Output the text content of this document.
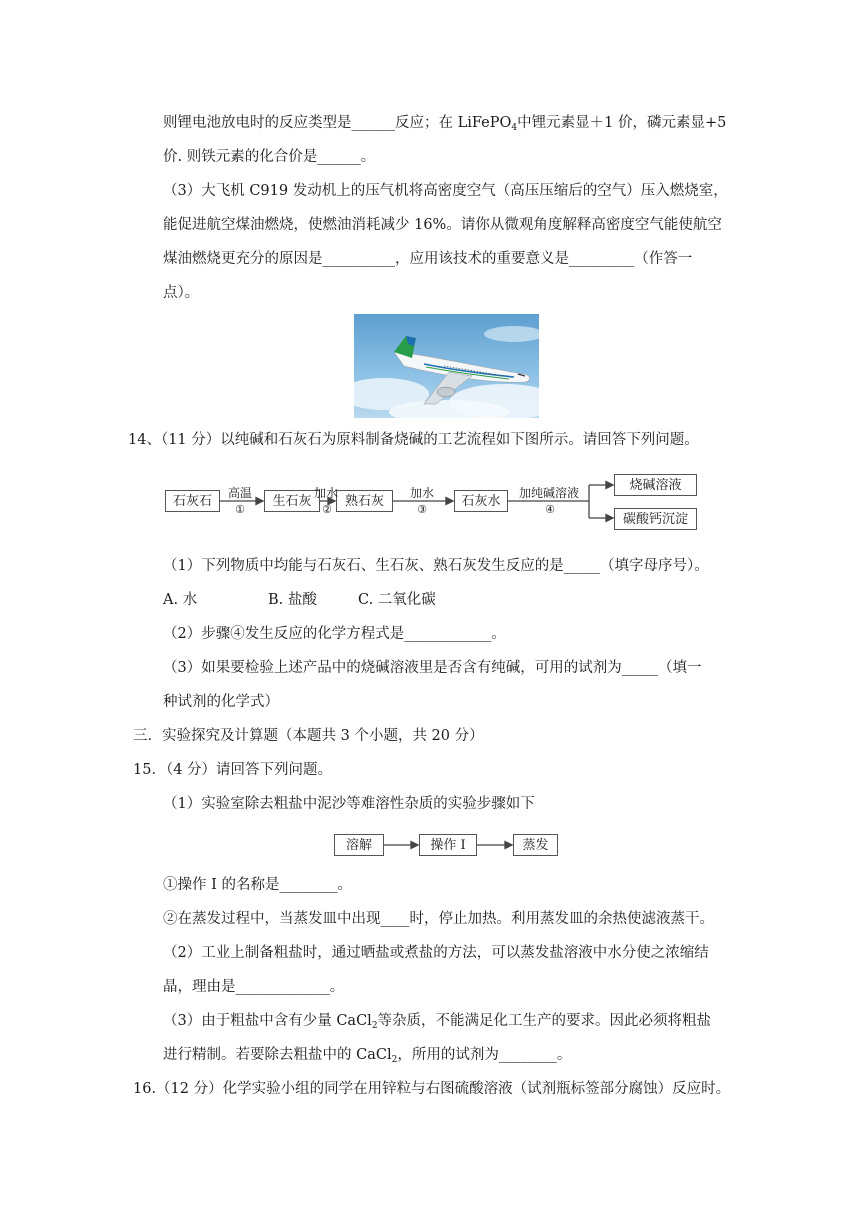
则锂电池放电时的反应类型是______反应；在 LiFePO$_4$中锂元素显＋1 价，磷元素显+5
价. 则铁元素的化合价是______。
（3）大飞机 C919 发动机上的压气机将高密度空气（高压压缩后的空气）压入燃烧室，
能促进航空煤油燃烧，使燃油消耗减少 16%。请你从微观角度解释高密度空气能使航空
煤油燃烧更充分的原因是__________，应用该技术的重要意义是_________（作答一
点）。
14、（11 分）以纯碱和石灰石为原料制备烧碱的工艺流程如下图所示。请回答下列问题。
石灰石	生石灰	熟石灰	石灰水
烧碱溶液
碳酸钙沉淀
高温
①
加水
②
加水
③
加纯碱溶液
④
（1）下列物质中均能与石灰石、生石灰、熟石灰发生反应的是_____（填字母序号）。
A. 水	B. 盐酸	C. 二氧化碳
（2）步骤④发生反应的化学方程式是____________。
（3）如果要检验上述产品中的烧碱溶液里是否含有纯碱，可用的试剂为_____（填一
种试剂的化学式）
三．实验探究及计算题（本题共 3 个小题，共 20 分）
15．（4 分）请回答下列问题。
（1）实验室除去粗盐中泥沙等难溶性杂质的实验步骤如下
溶解	操作 I	蒸发
①操作 I 的名称是________。
②在蒸发过程中，当蒸发皿中出现____时，停止加热。利用蒸发皿的余热使滤液蒸干。
（2）工业上制备粗盐时，通过晒盐或煮盐的方法，可以蒸发盐溶液中水分使之浓缩结
晶，理由是_____________。
（3）由于粗盐中含有少量 CaCl$_2$等杂质，不能满足化工生产的要求。因此必须将粗盐
进行精制。若要除去粗盐中的 CaCl$_2$，所用的试剂为________。
16.（12 分）化学实验小组的同学在用锌粒与右图硫酸溶液（试剂瓶标签部分腐蚀）反应时。
